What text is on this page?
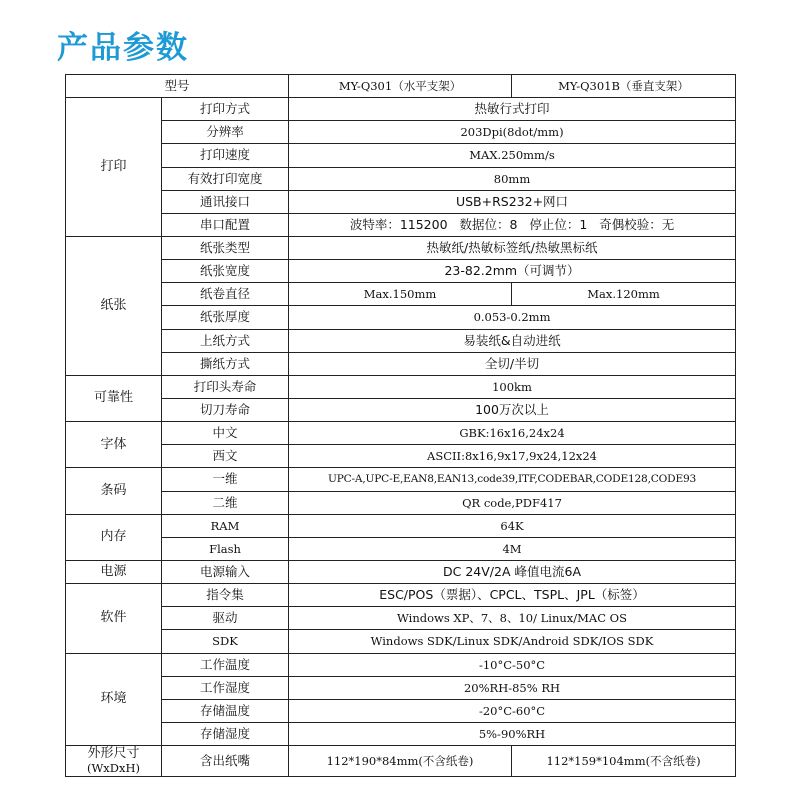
产品参数
型号		MY-Q301（水平支架）	MY-Q301B（垂直支架）
打印	打印方式	热敏行式打印	
	分辨率	203Dpi(8dot/mm)	
	打印速度	MAX.250mm/s	
	有效打印宽度	80mm	
	通讯接口	USB+RS232+网口	
	串口配置	波特率：115200   数据位：8   停止位：1   奇偶校验：无	
纸张	纸张类型	热敏纸/热敏标签纸/热敏黑标纸	
	纸张宽度	23-82.2mm（可调节）	
	纸卷直径	Max.150mm	Max.120mm
	纸张厚度	0.053-0.2mm	
	上纸方式	易装纸&自动进纸	
	撕纸方式	全切/半切	
可靠性	打印头寿命	100km	
	切刀寿命	100万次以上	
字体	中文	GBK:16x16,24x24	
	西文	ASCII:8x16,9x17,9x24,12x24	
条码	一维	UPC-A,UPC-E,EAN8,EAN13,code39,ITF,CODEBAR,CODE128,CODE93	
	二维	QR code,PDF417	
内存	RAM	64K	
	Flash	4M	
电源	电源输入	DC 24V/2A 峰值电流6A	
软件	指令集	ESC/POS（票据）、CPCL、TSPL、JPL（标签）	
	驱动	Windows XP、7、8、10/ Linux/MAC OS	
	SDK	Windows SDK/Linux SDK/Android SDK/IOS SDK	
环境	工作温度	-10°C-50°C	
	工作湿度	20%RH-85% RH	
	存储温度	-20°C-60°C	
	存储湿度	5%-90%RH	

外形尺寸
(WxDxH)	含出纸嘴	112*190*84mm(不含纸卷)	112*159*104mm(不含纸卷)
